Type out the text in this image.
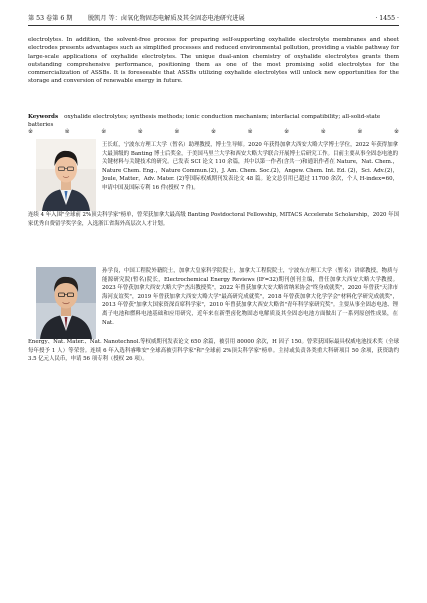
第 53 卷第 6 期	脱凯月 等：卤氧化物固态电解质及其全固态电池研究进展	· 1455 ·
electrolytes. In addition, the solvent-free process for preparing self-supporting oxyhalide electrolyte membranes and sheet electrodes presents advantages such as simplified processes and reduced environmental pollution, providing a viable pathway for large-scale applications of oxyhalide electrolytes. The unique dual-anion chemistry of oxyhalide electrolytes grants them outstanding comprehensive performance, positioning them as one of the most promising solid electrolytes for the commercialization of ASSBs. It is foreseeable that ASSBs utilizing oxyhalide electrolytes will unlock new opportunities for the storage and conversion of renewable energy in future.
Keywords oxyhalide electrolytes; synthesis methods; ionic conduction mechanism; interfacial compatibility; all-solid-state batteries
※	※	※	※	※	※	※	※	※	※	※

王长虹，宁波东方理工大学（暂名）助理教授，博士生导师。2020 年获得加拿大西安大略大学博士学位，2022 年获得加拿大最顶级的 Banting 博士后奖金，于美国马里兰大学和西安大略大学联合开展博士后研究工作。目前主要从事全固态电池的关键材料与关键技术的研究。已发表 SCI 论文 110 余篇，其中以第一作者(含共一)和通讯作者在 Nature，Nat. Chem.，Nature Chem. Eng.，Nature Commun.(2)，J. Am. Chem. Soc.(2)，Angew. Chem. Int. Ed. (2)，Sci. Adv.(2)，Joule, Matter，Adv. Mater. (2)等国际权威期刊发表论文 48 篇。论文总引用已超过 11700 余次，个人 H-index=60，申请中国及国际专利 16 件(授权 7 件)。

连续 4 年入围"全球前 2%顶尖科学家"榜单，曾荣获加拿大最高级 Banting Postdoctoral Fellowship, MITACS Accelerate Scholarship，2020 年国家优秀自费留学奖学金，入选浙江省海外高层次人才计划。

孙学良，中国工程院外籍院士，加拿大皇家科学院院士，加拿大工程院院士，宁波东方理工大学（暂名）讲席教授，物质与能源研究院(暂名)院长，Electrochemical Energy Reviews (IF=32)期刊创刊主编，曾任加拿大西安大略大学教授。2023 年曾获加拿大西安大略大学"杰出教授奖"，2022 年曾获加拿大安大略省纳米协会"终身成就奖"，2020 年曾获"天津市海河友谊奖"，2019 年曾获加拿大西安大略大学"最高研究成就奖"，2018 年曾获加拿大化学学会"材料化学研究成就奖"，2013 年曾获"加拿大国家资深首席科学家"，2010 年曾获加拿大西安大略省"青年科学家研究奖"。主要从事全固态电池、锂离子电池和燃料电池基础和应用研究，近年来在新型卤化物固态电解质及其全固态电池方面做出了一系列原创性成果，在 Nat.

Energy、Nat. Mater.、Nat. Nanotechnol.等权威期刊发表论文 650 余篇，被引用 80000 余次，H 因子 150。曾荣获国际最具权威电池技术奖（全球每年授予 1 人）等荣誉。连续 6 年入选科睿唯安"全球高被引科学家"和"全球前 2%顶尖科学家"榜单。主持或负责各类重大科研项目 50 余项，获资助约 3.5 亿元人民币，申请 56 项专利（授权 26 项）。
